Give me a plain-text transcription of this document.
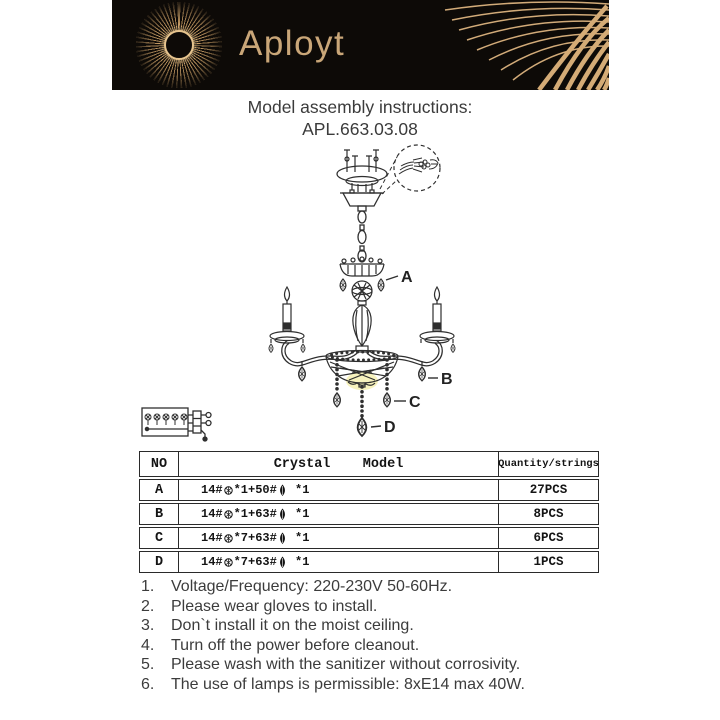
Aployt
Model assembly instructions:
APL.663.03.08
A
B
C
D
NO	Crystal    Model	Quantity/strings
A	14# *1+50# *1	27PCS
B	14# *1+63# *1	8PCS
C	14# *7+63# *1	6PCS
D	14# *7+63# *1	1PCS
1.	Voltage/Frequency: 220-230V 50-60Hz.
2.	Please wear gloves to install.
3.	Don`t install it on the moist ceiling.
4.	Turn off the power before cleanout.
5.	Please wash with the sanitizer without corrosivity.
6.	The use of lamps is permissible: 8xE14 max 40W.
